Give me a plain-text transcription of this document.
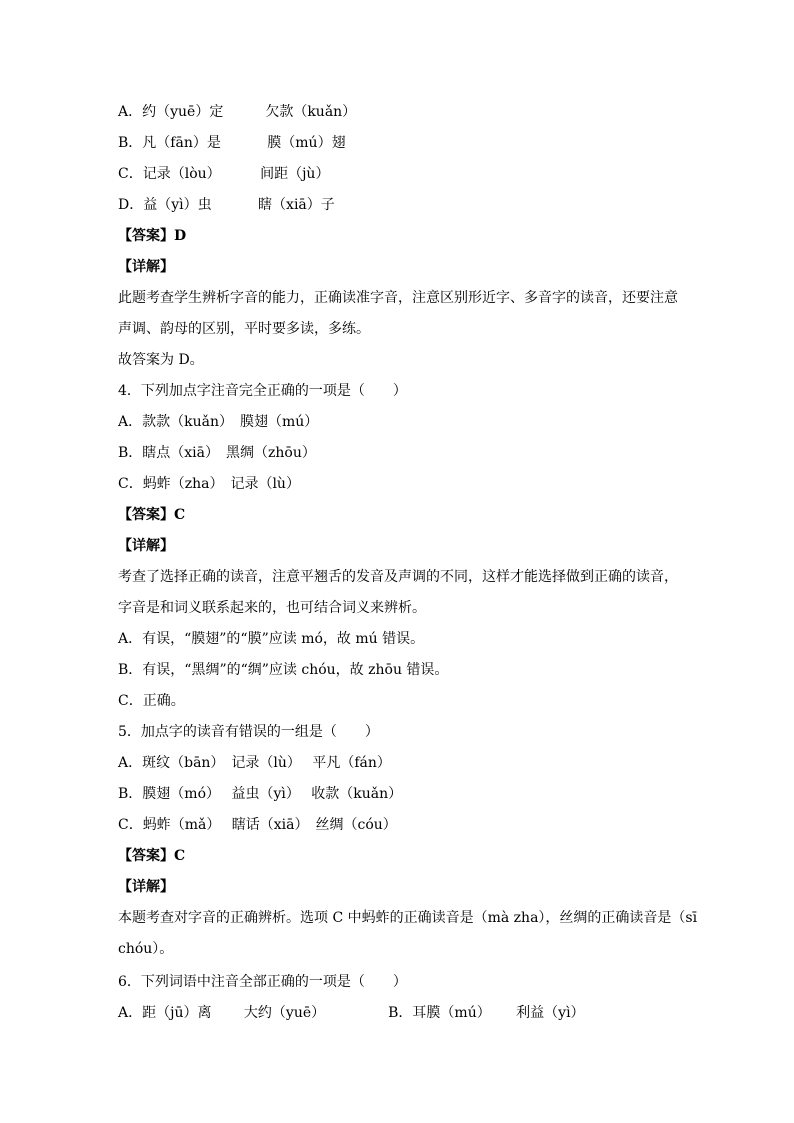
A．约（yuē）定　　　欠款（kuǎn）
B．凡（fān）是　　　 膜（mú）翅
C．记录（lòu）　　　 间距（jù）
D．益（yì）虫　　　 瞎（xiā）子
【答案】D
【详解】
此题考查学生辨析字音的能力，正确读准字音，注意区别形近字、多音字的读音，还要注意
声调、韵母的区别，平时要多读，多练。
故答案为 D。
4．下列加点字注音完全正确的一项是（　　）
A．款款（kuǎn）　膜翅（mú）
B．瞎点（xiā）　黑绸（zhōu）
C．蚂蚱（zha）　记录（lù）
【答案】C
【详解】
考查了选择正确的读音，注意平翘舌的发音及声调的不同，这样才能选择做到正确的读音，
字音是和词义联系起来的，也可结合词义来辨析。
A．有误，“膜翅”的“膜”应读 mó，故 mú 错误。
B．有误，“黑绸”的“绸”应读 chóu，故 zhōu 错误。
C．正确。
5．加点字的读音有错误的一组是（　　）
A．斑纹（bān）　记录（lù）　 平凡（fán）
B．膜翅（mó）　 益虫（yì）　 收款（kuǎn）
C．蚂蚱（mǎ）　 瞎话（xiā）　丝绸（cóu）
【答案】C
【详解】
本题考查对字音的正确辨析。选项 C 中蚂蚱的正确读音是（mà zha），丝绸的正确读音是（sī
chóu）。
6．下列词语中注音全部正确的一项是（　　）
A．距（jū）离　　 大约（yuē）　　　　　B．耳膜（mú）　　 利益（yì）
